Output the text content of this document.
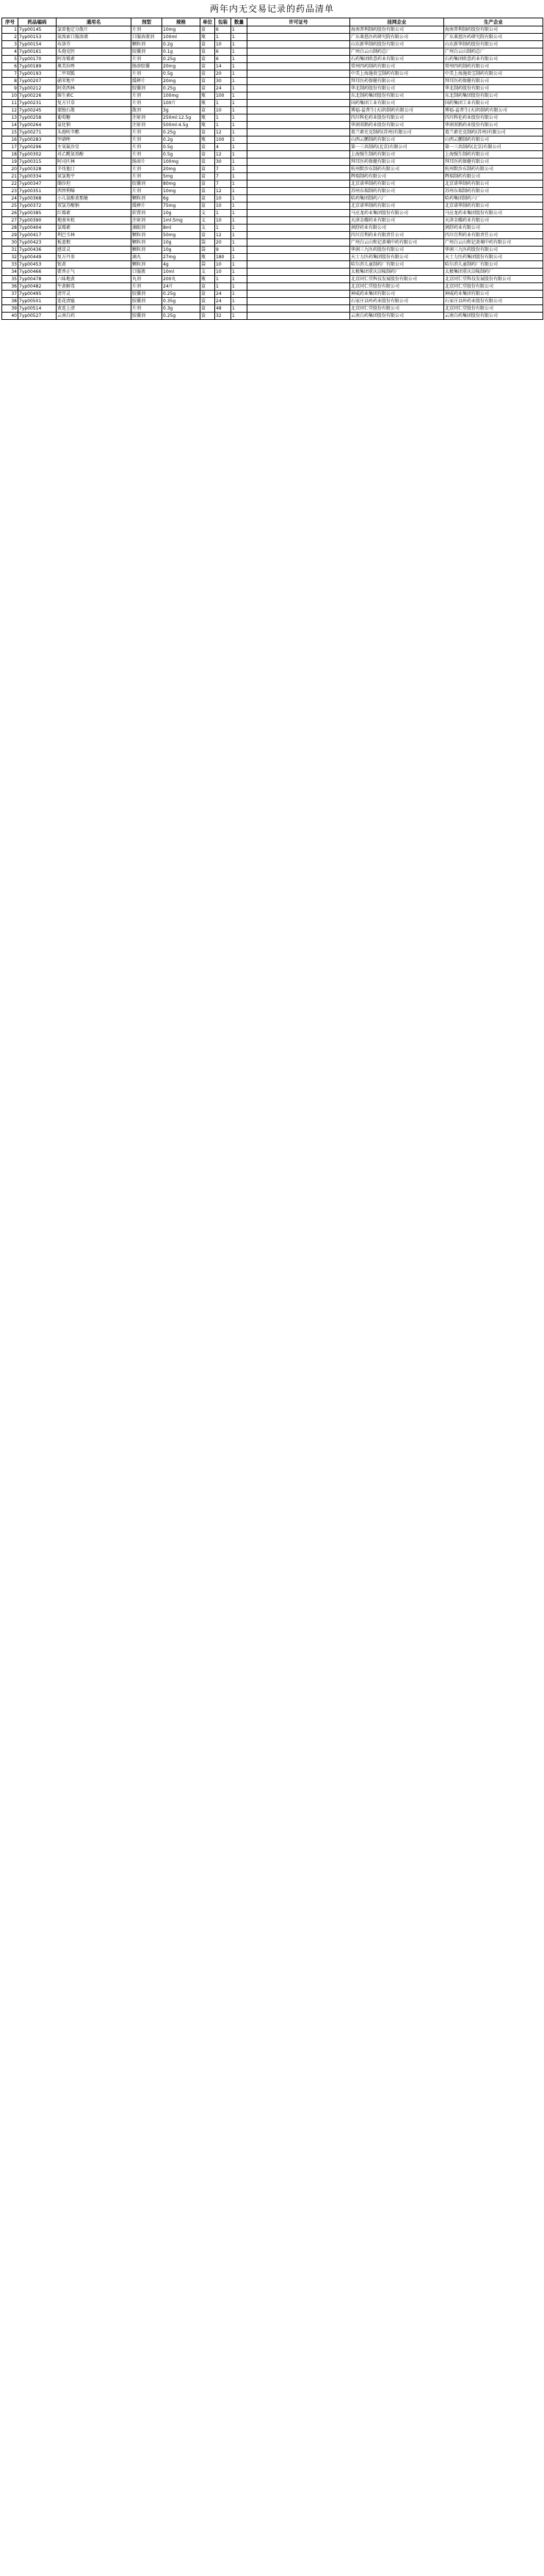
两年内无交易记录的药品清单
序号	药品编码	通用名	剂型	规格	单位	包装	数量	许可证号	挂网企业	生产企业
1	7yp00145	氯雷他定分散片	片剂	10mg	盒	6	1		海南普利制药股份有限公司	海南普利制药股份有限公司
2	7yp00153	氨溴索口服溶液	口服溶液剂	100ml	瓶	1	1		广东莱恩医药研究院有限公司	广东莱恩医药研究院有限公司
3	7yp00154	布洛芬	颗粒剂	0.2g	盒	10	1		山东新华制药股份有限公司	山东新华制药股份有限公司
4	7yp00161	头孢克肟	胶囊剂	0.1g	盒	6	1		广州白云山制药总厂	广州白云山制药总厂
5	7yp00170	阿奇霉素	片剂	0.25g	盒	6	1		石药集团欧意药业有限公司	石药集团欧意药业有限公司
6	7yp00189	奥美拉唑	肠溶胶囊	20mg	盒	14	1		常州四药制药有限公司	常州四药制药有限公司
7	7yp00193	二甲双胍	片剂	0.5g	盒	20	1		中美上海施贵宝制药有限公司	中美上海施贵宝制药有限公司
8	7yp00207	硝苯地平	缓释片	20mg	盒	30	1		拜耳医药保健有限公司	拜耳医药保健有限公司
9	7yp00212	阿莫西林	胶囊剂	0.25g	盒	24	1		华北制药股份有限公司	华北制药股份有限公司
10	7yp00226	维生素C	片剂	100mg	瓶	100	1		东北制药集团股份有限公司	东北制药集团股份有限公司
11	7yp00231	复方甘草	片剂	100片	瓶	1	1		国药集团工业有限公司	国药集团工业有限公司
12	7yp00245	蒙脱石散	散剂	3g	盒	10	1		博福-益普生(天津)制药有限公司	博福-益普生(天津)制药有限公司
13	7yp00258	葡萄糖	注射剂	250ml:12.5g	瓶	1	1		四川科伦药业股份有限公司	四川科伦药业股份有限公司
14	7yp00264	氯化钠	注射剂	500ml:4.5g	瓶	1	1		华润双鹤药业股份有限公司	华润双鹤药业股份有限公司
15	7yp00271	头孢呋辛酯	片剂	0.25g	盒	12	1		葛兰素史克制药(苏州)有限公司	葛兰素史克制药(苏州)有限公司
16	7yp00283	甲硝唑	片剂	0.2g	瓶	100	1		山西云鹏制药有限公司	山西云鹏制药有限公司
17	7yp00296	左氧氟沙星	片剂	0.5g	盒	4	1		第一三共制药(北京)有限公司	第一三共制药(北京)有限公司
18	7yp00302	对乙酰氨基酚	片剂	0.5g	盒	12	1		上海强生制药有限公司	上海强生制药有限公司
19	7yp00315	阿司匹林	肠溶片	100mg	盒	30	1		拜耳医药保健有限公司	拜耳医药保健有限公司
20	7yp00328	辛伐他汀	片剂	20mg	盒	7	1		杭州默沙东制药有限公司	杭州默沙东制药有限公司
21	7yp00334	氨氯地平	片剂	5mg	盒	7	1		辉瑞制药有限公司	辉瑞制药有限公司
22	7yp00347	缬沙坦	胶囊剂	80mg	盒	7	1		北京诺华制药有限公司	北京诺华制药有限公司
23	7yp00351	西替利嗪	片剂	10mg	盒	12	1		苏州东瑞制药有限公司	苏州东瑞制药有限公司
24	7yp00368	小儿氨酚黄那敏	颗粒剂	6g	盒	10	1		哈药集团制药六厂	哈药集团制药六厂
25	7yp00372	双氯芬酸钠	缓释片	75mg	盒	10	1		北京诺华制药有限公司	北京诺华制药有限公司
26	7yp00385	红霉素	软膏剂	10g	支	1	1		马应龙药业集团股份有限公司	马应龙药业集团股份有限公司
27	7yp00390	地塞米松	注射剂	1ml:5mg	支	10	1		天津金耀药业有限公司	天津金耀药业有限公司
28	7yp00404	氯霉素	滴眼剂	8ml	支	1	1		润舒药业有限公司	润舒药业有限公司
29	7yp00417	利巴韦林	颗粒剂	50mg	盒	12	1		四川百利药业有限责任公司	四川百利药业有限责任公司
30	7yp00423	板蓝根	颗粒剂	10g	袋	20	1		广州白云山和记黄埔中药有限公司	广州白云山和记黄埔中药有限公司
31	7yp00436	感冒灵	颗粒剂	10g	袋	9	1		华润三九医药股份有限公司	华润三九医药股份有限公司
32	7yp00449	复方丹参	滴丸	27mg	瓶	180	1		天士力医药集团股份有限公司	天士力医药集团股份有限公司
33	7yp00453	银黄	颗粒剂	4g	袋	10	1		哈尔滨儿童制药厂有限公司	哈尔滨儿童制药厂有限公司
34	7yp00466	藿香正气	口服液	10ml	支	10	1		太极集团重庆涪陵制药厂	太极集团重庆涪陵制药厂
35	7yp00478	六味地黄	丸剂	200丸	瓶	1	1		北京同仁堂科技发展股份有限公司	北京同仁堂科技发展股份有限公司
36	7yp00482	牛黄解毒	片剂	24片	盒	1	1		北京同仁堂股份有限公司	北京同仁堂股份有限公司
37	7yp00495	清开灵	胶囊剂	0.25g	盒	24	1		神威药业集团有限公司	神威药业集团有限公司
38	7yp00501	连花清瘟	胶囊剂	0.35g	盒	24	1		石家庄以岭药业股份有限公司	石家庄以岭药业股份有限公司
39	7yp00514	黄连上清	片剂	0.3g	盒	48	1		北京同仁堂股份有限公司	北京同仁堂股份有限公司
40	7yp00527	云南白药	胶囊剂	0.25g	盒	32	1		云南白药集团股份有限公司	云南白药集团股份有限公司
